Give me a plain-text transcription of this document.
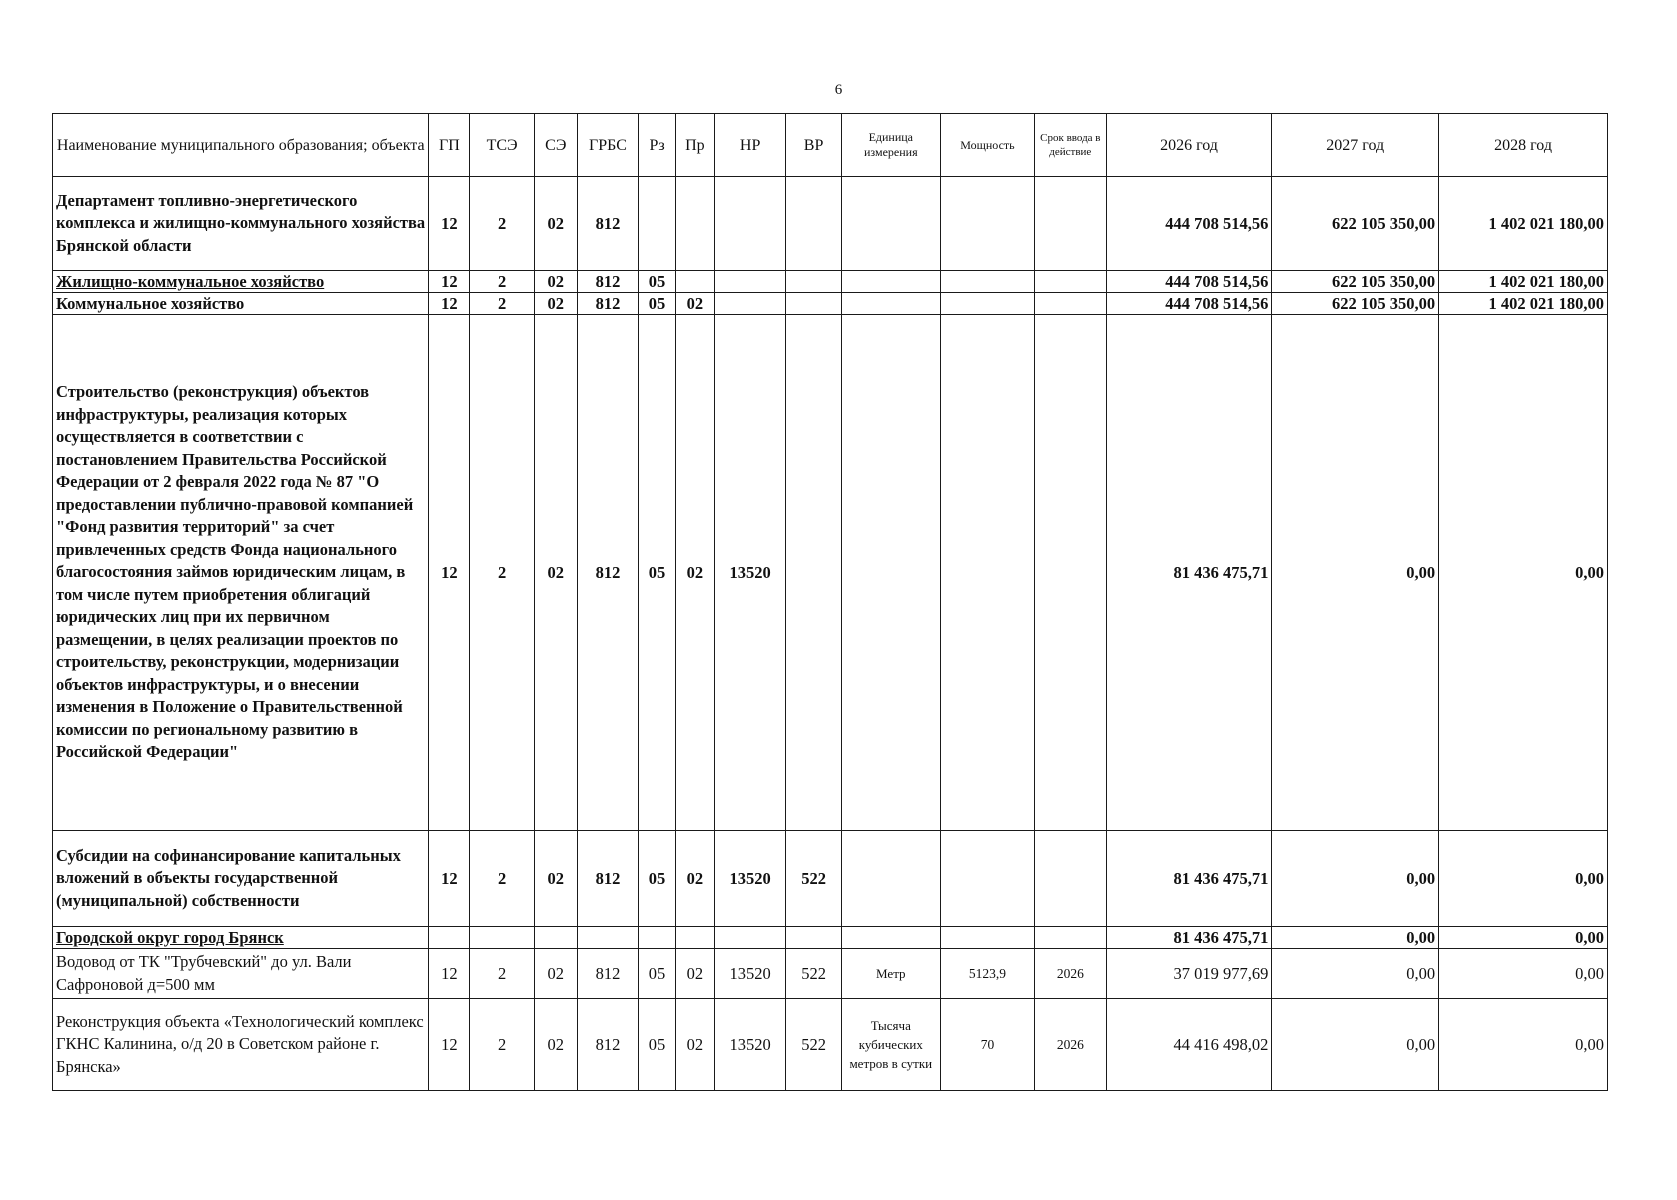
6
Наименование муниципального образования; объекта	ГП	ТСЭ	СЭ	ГРБС	Рз	Пр	НР	ВР	Единица измерения	Мощность	Срок ввода в действие	2026 год	2027 год	2028 год
Департамент топливно-энергетического комплекса и жилищно-коммунального хозяйства Брянской области	12	2	02	812								444 708 514,56	622 105 350,00	1 402 021 180,00
Жилищно-коммунальное хозяйство	12	2	02	812	05							444 708 514,56	622 105 350,00	1 402 021 180,00
Коммунальное хозяйство	12	2	02	812	05	02						444 708 514,56	622 105 350,00	1 402 021 180,00
Строительство (реконструкция) объектов инфраструктуры, реализация которых осуществляется в соответствии с постановлением Правительства Российской Федерации от 2 февраля 2022 года № 87 "О предоставлении публично-правовой компанией "Фонд развития территорий" за счет привлеченных средств Фонда национального благосостояния займов юридическим лицам, в том числе путем приобретения облигаций юридических лиц при их первичном размещении, в целях реализации проектов по строительству, реконструкции, модернизации объектов инфраструктуры, и о внесении изменения в Положение о Правительственной комиссии по региональному развитию в Российской Федерации"	12	2	02	812	05	02	13520					81 436 475,71	0,00	0,00
Субсидии на софинансирование капитальных вложений в объекты государственной (муниципальной) собственности	12	2	02	812	05	02	13520	522				81 436 475,71	0,00	0,00
Городской округ город Брянск												81 436 475,71	0,00	0,00
Водовод от ТК "Трубчевский" до ул. Вали Сафроновой д=500 мм	12	2	02	812	05	02	13520	522	Метр	5123,9	2026	37 019 977,69	0,00	0,00
Реконструкция объекта «Технологический комплекс ГКНС Калинина, о/д 20 в Советском районе г. Брянска»	12	2	02	812	05	02	13520	522	Тысяча кубических метров в сутки	70	2026	44 416 498,02	0,00	0,00
